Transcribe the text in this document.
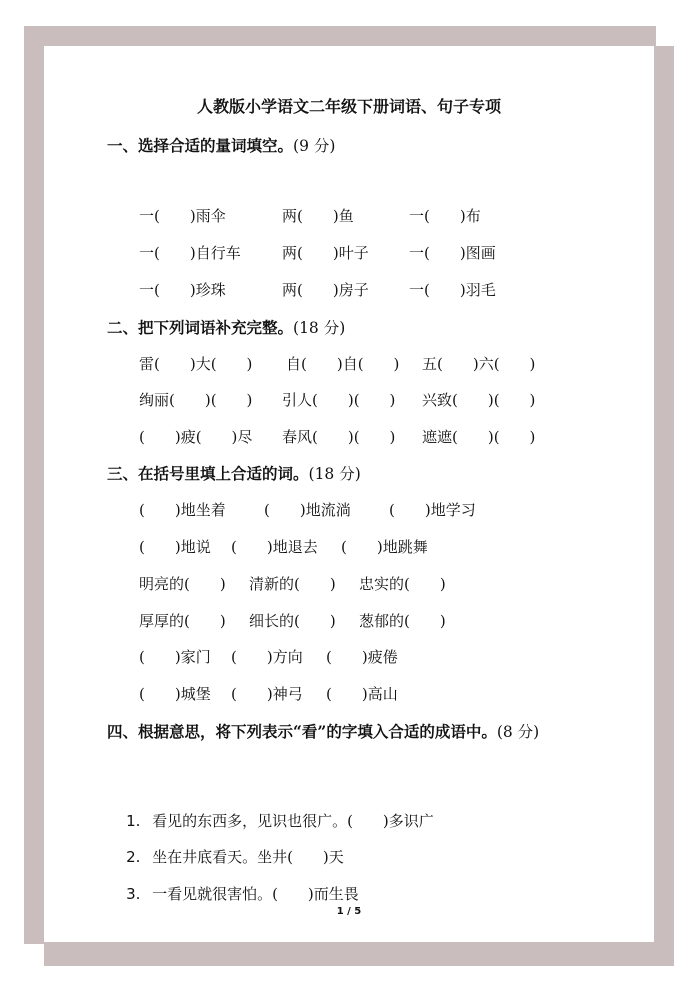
人教版小学语文二年级下册词语、句子专项
一、选择合适的量词填空。(9 分)
一(　　)雨伞	两(　　)鱼	一(　　)布
一(　　)自行车	两(　　)叶子	一(　　)图画
一(　　)珍珠	两(　　)房子	一(　　)羽毛
二、把下列词语补充完整。(18 分)
雷(　　)大(　　) 自(　　)自(　　) 五(　　)六(　　)
绚丽(　　)(　　) 引人(　　)(　　) 兴致(　　)(　　)
(　　)疲(　　)尽 春风(　　)(　　) 遮遮(　　)(　　)
三、在括号里填上合适的词。(18 分)
(　　)地坐着	(　　)地流淌	(　　)地学习
(　　)地说 (　　)地退去 (　　)地跳舞
明亮的(　　) 清新的(　　) 忠实的(　　)
厚厚的(　　) 细长的(　　) 葱郁的(　　)
(　　)家门 (　　)方向 (　　)疲倦
(　　)城堡 (　　)神弓 (　　)高山
四、根据意思，将下列表示“看”的字填入合适的成语中。(8 分)

1. 看见的东西多，见识也很广。(　　)多识广

2. 坐在井底看天。坐井(　　)天

3. 一看见就很害怕。(　　)而生畏

1 / 5
